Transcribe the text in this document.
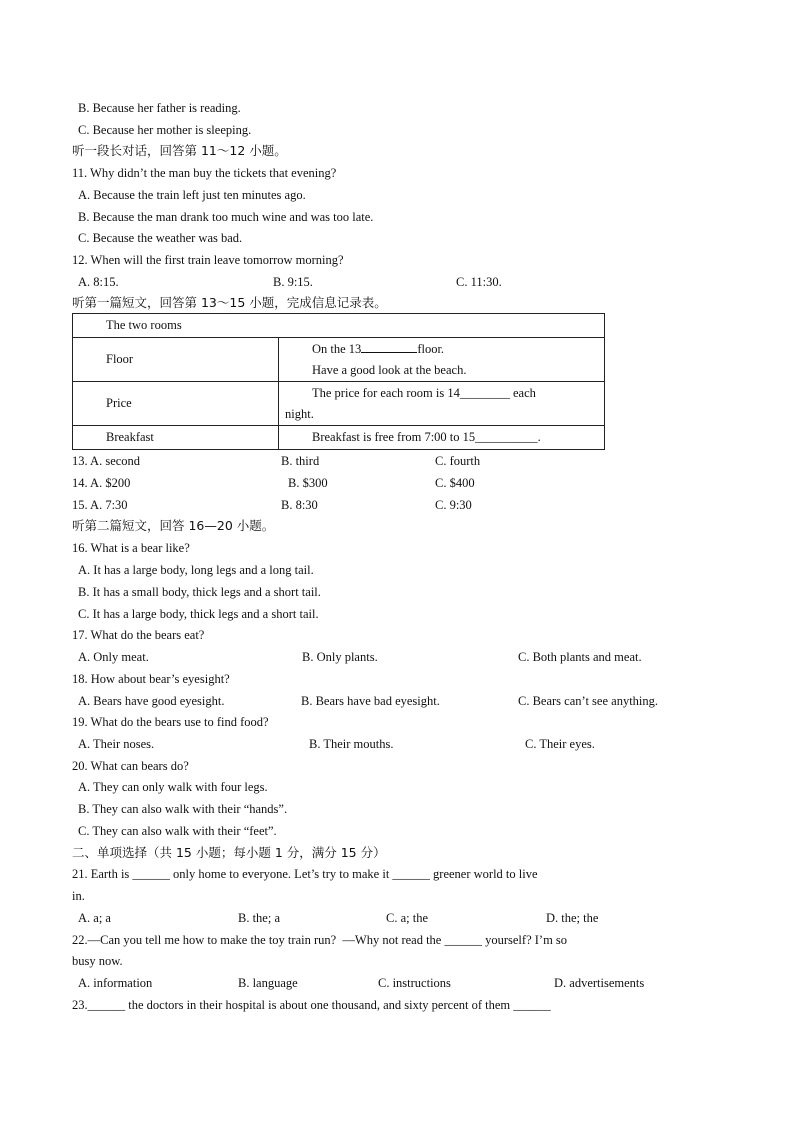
B. Because her father is reading.
C. Because her mother is sleeping.
听一段长对话，回答第 11～12 小题。
11. Why didn’t the man buy the tickets that evening?
A. Because the train left just ten minutes ago.
B. Because the man drank too much wine and was too late.
C. Because the weather was bad.
12. When will the first train leave tomorrow morning?
A. 8:15.	B. 9:15.	C. 11:30.
听第一篇短文，回答第 13～15 小题，完成信息记录表。
The two rooms	
Floor	On the 13 floor.
Have a good look at the beach.

Price	The price for each room is 14________ each
night.

Breakfast	Breakfast is free from 7:00 to 15__________.
13. A. second	B. third	C. fourth
14. A. $200	B. $300	C. $400
15. A. 7:30	B. 8:30	C. 9:30
听第二篇短文，回答 16—20 小题。
16. What is a bear like?
A. It has a large body, long legs and a long tail.
B. It has a small body, thick legs and a short tail.
C. It has a large body, thick legs and a short tail.
17. What do the bears eat?
A. Only meat.	B. Only plants.	C. Both plants and meat.
18. How about bear’s eyesight?
A. Bears have good eyesight.	B. Bears have bad eyesight.	C. Bears can’t see anything.
19. What do the bears use to find food?
A. Their noses.	B. Their mouths.	C. Their eyes.
20. What can bears do?
A. They can only walk with four legs.
B. They can also walk with their “hands”.
C. They can also walk with their “feet”.
二、单项选择（共 15 小题；每小题 1 分，满分 15 分）
21. Earth is ______ only home to everyone. Let’s try to make it ______ greener world to live
in.
A. a; a	B. the; a	C. a; the	D. the; the
22.—Can you tell me how to make the toy train run?  —Why not read the ______ yourself? I’m so
busy now.
A. information	B. language	C. instructions	D. advertisements
23.______ the doctors in their hospital is about one thousand, and sixty percent of them ______
